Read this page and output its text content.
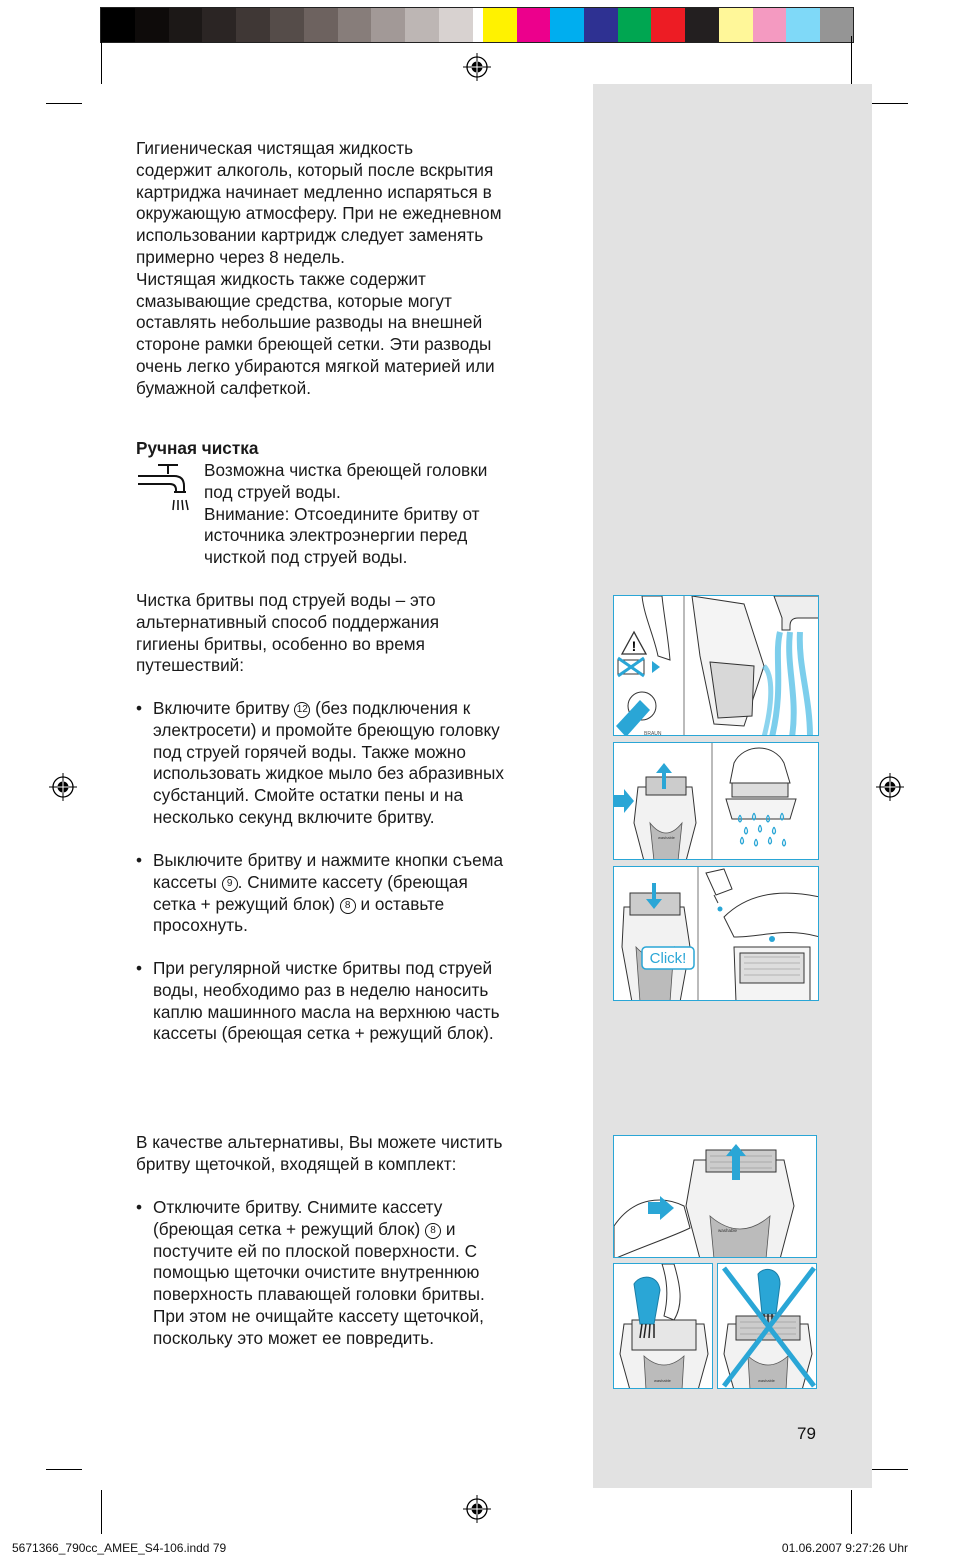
Гигиеническая чистящая жидкость

содержит алкоголь, который после вскрытия

картриджа начинает медленно испаряться в

окружающую атмосферу. При не ежедневном

использовании картридж следует заменять

примерно через 8 недель.

Чистящая жидкость также содержит

смазывающие средства, которые могут

оставлять небольшие разводы на внешней

стороне рамки бреющей сетки. Эти разводы

очень легко убираются мягкой материей или

бумажной салфеткой.

Ручная чистка

Возможна чистка бреющей головки

под струей воды.

Внимание: Отсоедините бритву от

источника электроэнергии перед

чисткой под струей воды.

Чистка бритвы под струей воды – это

альтернативный способ поддержания

гигиены бритвы, особенно во время

путешествий:

• Включите бритву 12 (без подключения к

электросети) и промойте бреющую головку

под струей горячей воды. Также можно

использовать жидкое мыло без абразивных

субстанций. Смойте остатки пены и на

несколько секунд включите бритву.

• Выключите бритву и нажмите кнопки съема

кассеты 9 . Снимите кассету (бреющая

сетка + режущий блок) 8 и оставьте

просохнуть.

• При регулярной чистке бритвы под струей

воды, необходимо раз в неделю наносить

каплю машинного масла на верхнюю часть

кассеты (бреющая сетка + режущий блок).

В качестве альтернативы, Вы можете чистить

бритву щеточкой, входящей в комплект:

• Отключите бритву. Снимите кассету

(бреющая сетка + режущий блок) 8 и

постучите ей по плоской поверхности. С

помощью щеточки очистите внутреннюю

поверхность плавающей головки бритвы.

При этом не очищайте кассету щеточкой,

поскольку это может ее повредить.

!
BRAUN
washable
Click!
washable
washable	washable
79
5671366_790cc_AMEE_S4-106.indd 79	01.06.2007 9:27:26 Uhr
